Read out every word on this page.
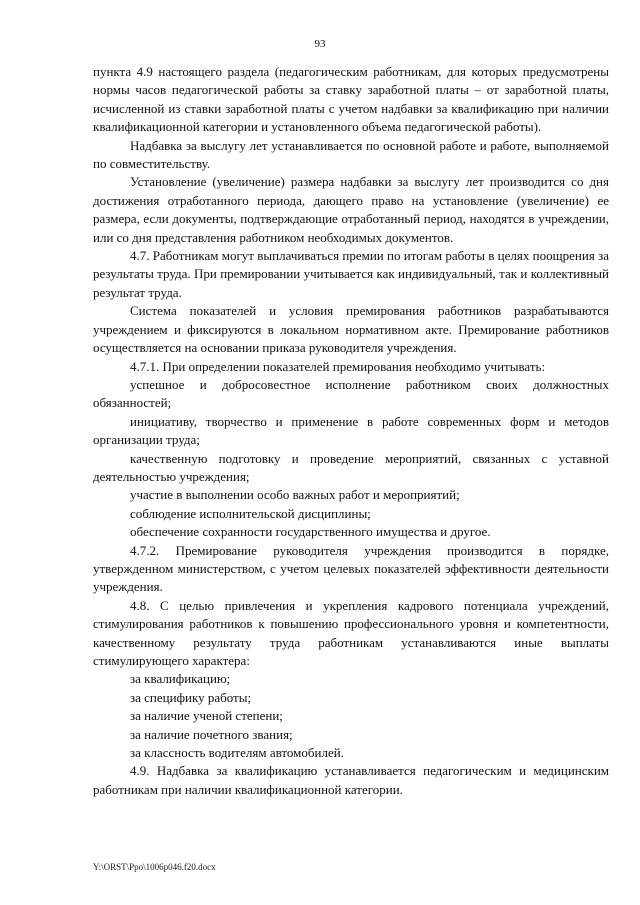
93

пункта 4.9 настоящего раздела (педагогическим работникам, для которых предусмотрены нормы часов педагогической работы за ставку заработной платы – от заработной платы, исчисленной из ставки заработной платы с учетом надбавки за квалификацию при наличии квалификационной категории и установленного объема педагогической работы).

Надбавка за выслугу лет устанавливается по основной работе и работе, выполняемой по совместительству.

Установление (увеличение) размера надбавки за выслугу лет производится со дня достижения отработанного периода, дающего право на установление (увеличение) ее размера, если документы, подтверждающие отработанный период, находятся в учреждении, или со дня представления работником необходимых документов.

4.7. Работникам могут выплачиваться премии по итогам работы в целях поощрения за результаты труда. При премировании учитывается как индивидуальный, так и коллективный результат труда.

Система показателей и условия премирования работников разрабатываются учреждением и фиксируются в локальном нормативном акте. Премирование работников осуществляется на основании приказа руководителя учреждения.

4.7.1. При определении показателей премирования необходимо учитывать:

успешное и добросовестное исполнение работником своих должностных обязанностей;

инициативу, творчество и применение в работе современных форм и методов организации труда;

качественную подготовку и проведение мероприятий, связанных с уставной деятельностью учреждения;

участие в выполнении особо важных работ и мероприятий;

соблюдение исполнительской дисциплины;

обеспечение сохранности государственного имущества и другое.

4.7.2. Премирование руководителя учреждения производится в порядке, утвержденном министерством, с учетом целевых показателей эффективности деятельности учреждения.

4.8. С целью привлечения и укрепления кадрового потенциала учреждений, стимулирования работников к повышению профессионального уровня и компетентности, качественному результату труда работникам устанавливаются иные выплаты стимулирующего характера:

за квалификацию;

за специфику работы;

за наличие ученой степени;

за наличие почетного звания;

за классность водителям автомобилей.

4.9. Надбавка за квалификацию устанавливается педагогическим и медицинским работникам при наличии квалификационной категории.

Y:\ORST\Ppo\1006p046.f20.docx
